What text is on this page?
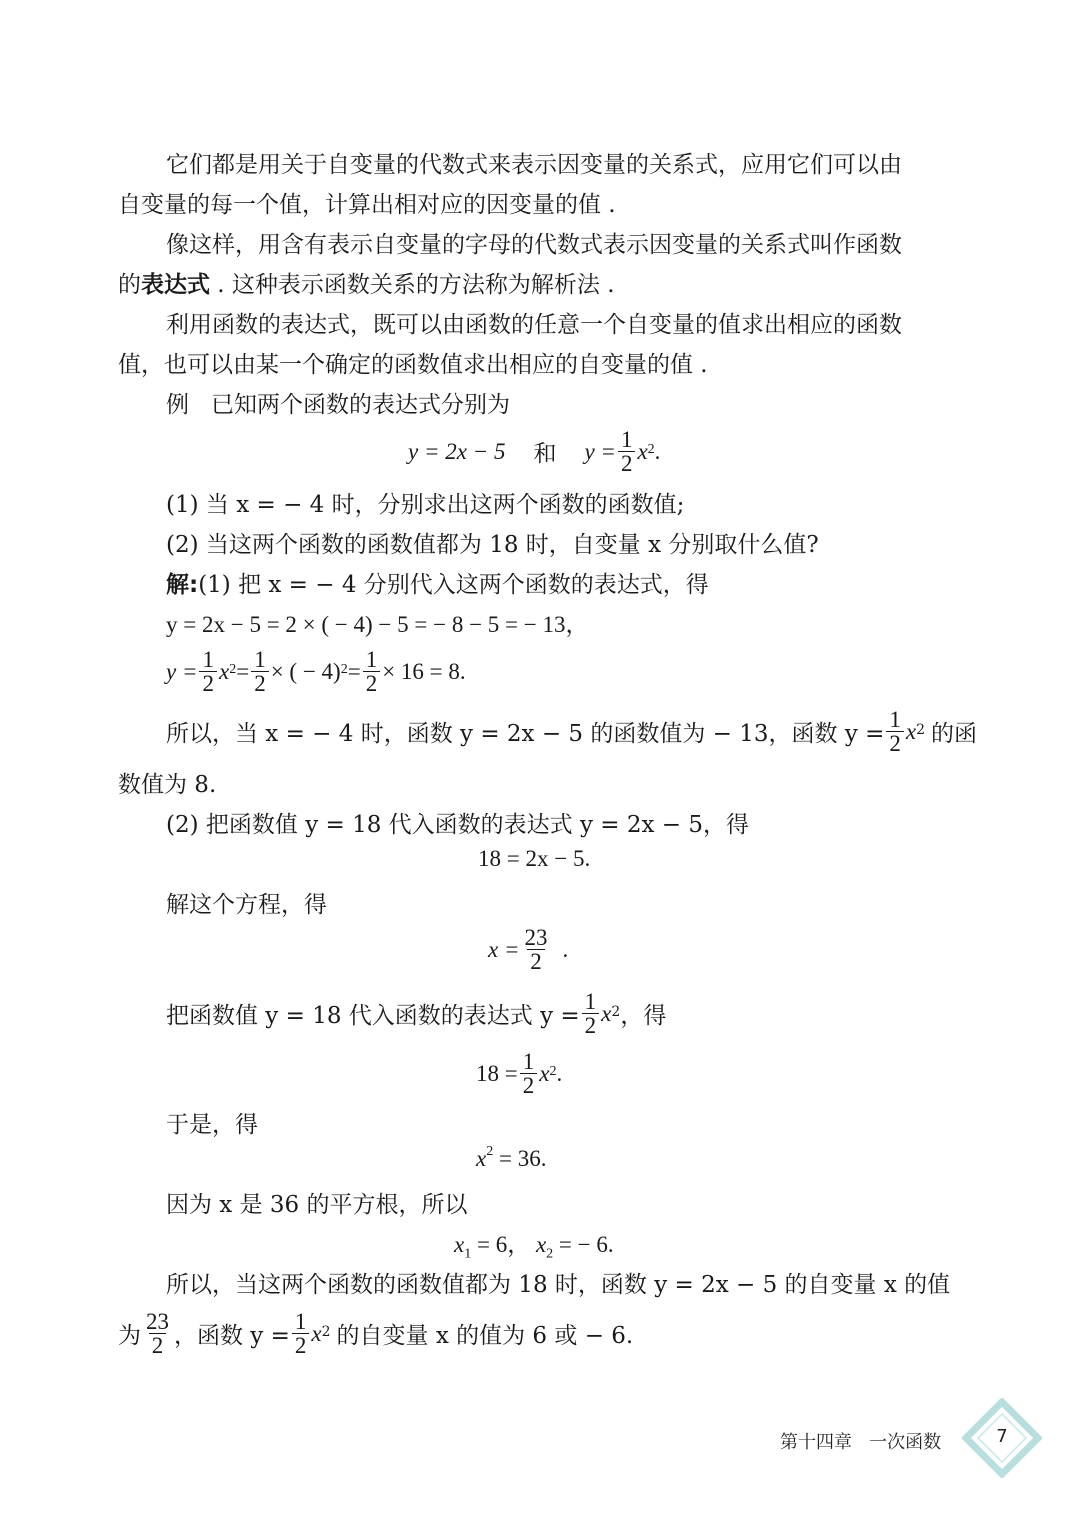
它们都是用关于自变量的代数式来表示因变量的关系式，应用它们可以由
自变量的每一个值，计算出相对应的因变量的值 .
像这样，用含有表示自变量的字母的代数式表示因变量的关系式叫作函数
的表达式 . 这种表示函数关系的方法称为解析法 .
利用函数的表达式，既可以由函数的任意一个自变量的值求出相应的函数
值，也可以由某一个确定的函数值求出相应的自变量的值 .
例 已知两个函数的表达式分别为
y = 2x − 5 和 $y = \frac{1}{2} x^2$ .
(1) 当 x = − 4 时，分别求出这两个函数的函数值;
(2) 当这两个函数的函数值都为 18 时，自变量 x 分别取什么值?
解:(1) 把 x = − 4 分别代入这两个函数的表达式，得
y = 2x − 5 = 2 × ( − 4) − 5 = − 8 − 5 = − 13，
$y = \frac{1}{2} x^2 = \frac{1}{2}$ × ( − $4)^2 = \frac{1}{2} \times 16 = 8$.
所以，当 x = − 4 时，函数 y = 2x − 5 的函数值为 − 13，函数 $y = \frac{1}{2} x^2$ 的函
数值为 8.
(2) 把函数值 y = 18 代入函数的表达式 y = 2x − 5，得
18 = 2x − 5.
解这个方程，得
$x = \frac{23}{2}$ .
把函数值 y = 18 代入函数的表达式 $y = \frac{1}{2} x^2$ ，得
$18 = \frac{1}{2} x^2$ .
于是，得
$x^2 = 36$.
因为 x 是 36 的平方根，所以
$x_1 = 6$， $x_2$ = − 6.
所以，当这两个函数的函数值都为 18 时，函数 y = 2x − 5 的自变量 x 的值
为 $\frac{23}{2}$ ，函数 $y = \frac{1}{2} x^2$ 的自变量 x 的值为 6 或 − 6.
第十四章 一次函数	7
